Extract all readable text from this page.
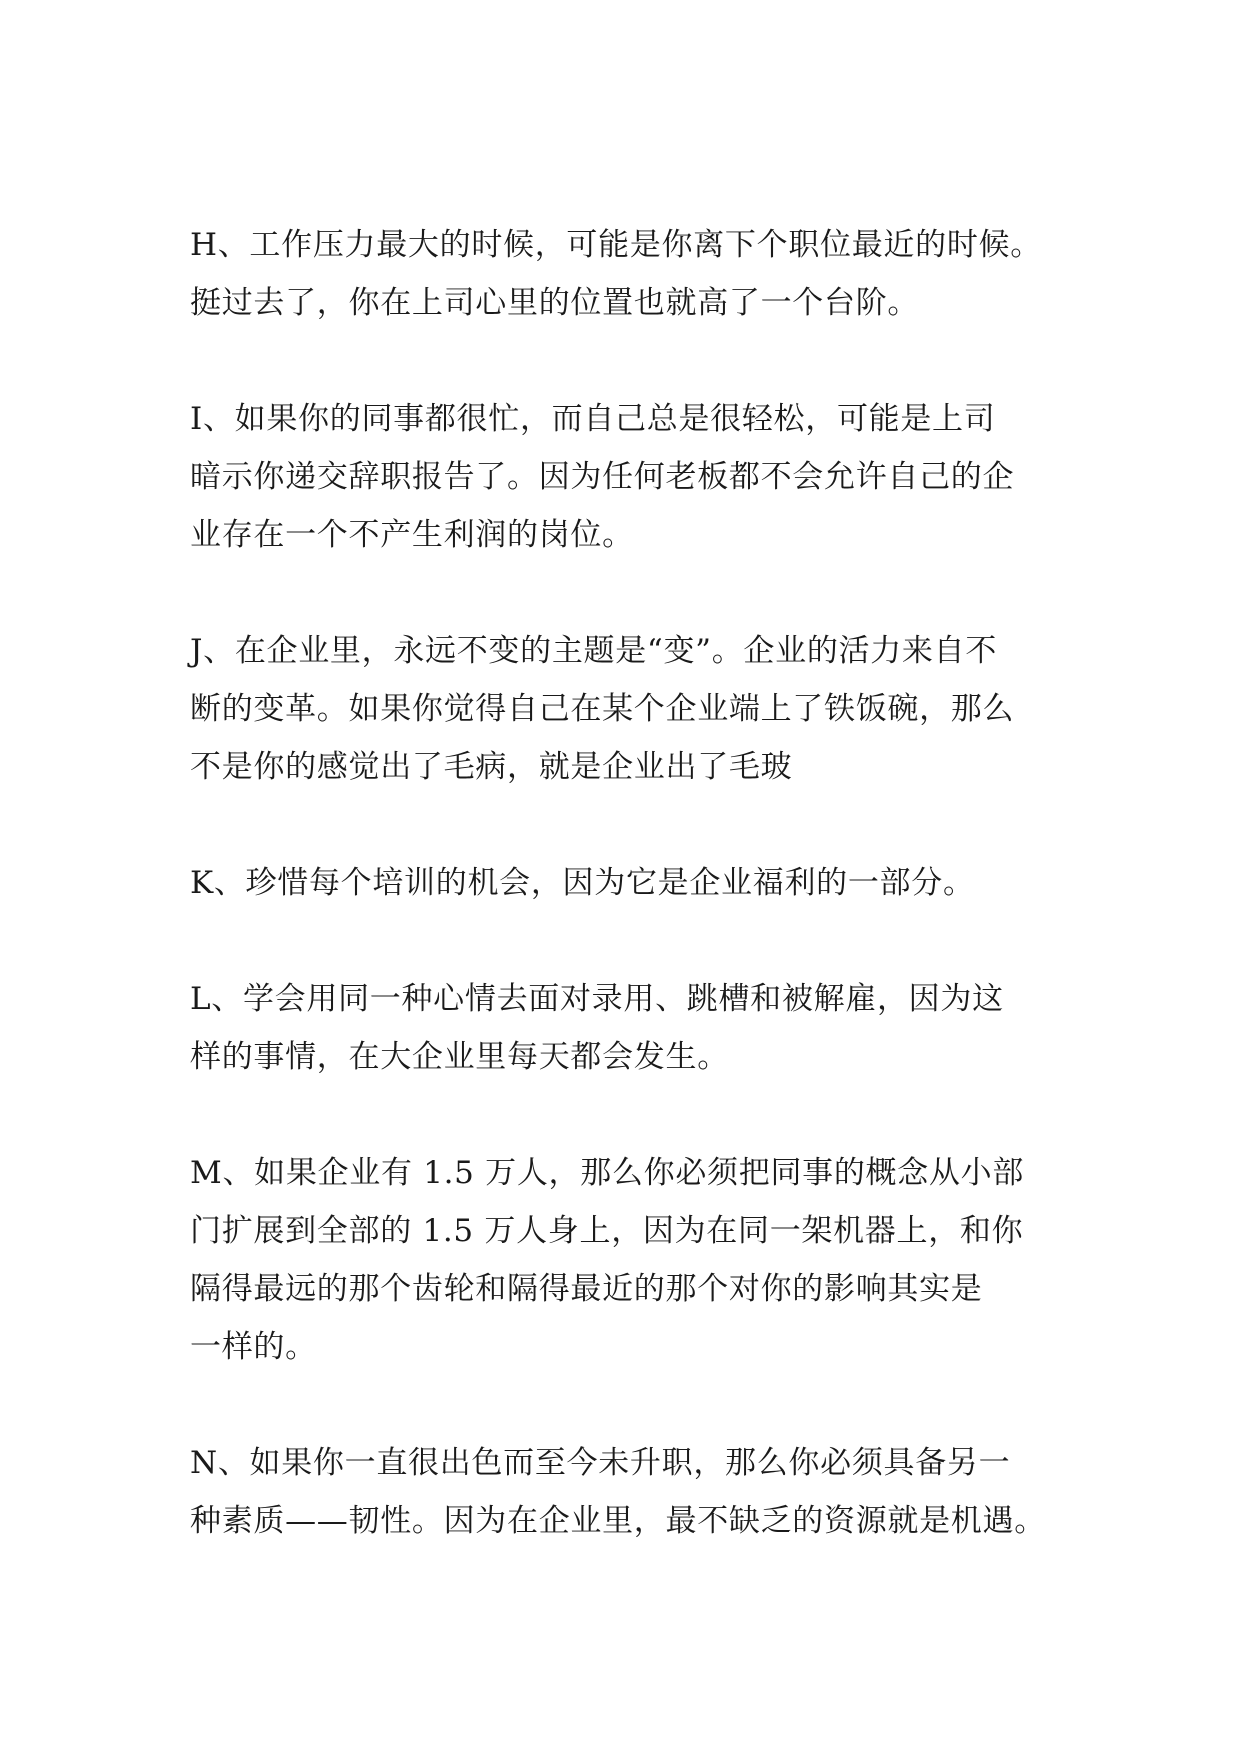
H、工作压力最大的时候，可能是你离下个职位最近的时候。
挺过去了，你在上司心里的位置也就高了一个台阶。

I、如果你的同事都很忙，而自己总是很轻松，可能是上司
暗示你递交辞职报告了。因为任何老板都不会允许自己的企
业存在一个不产生利润的岗位。

J、在企业里，永远不变的主题是“变”。企业的活力来自不
断的变革。如果你觉得自己在某个企业端上了铁饭碗，那么
不是你的感觉出了毛病，就是企业出了毛玻

K、珍惜每个培训的机会，因为它是企业福利的一部分。

L、学会用同一种心情去面对录用、跳槽和被解雇，因为这
样的事情，在大企业里每天都会发生。

M、如果企业有 1.5 万人，那么你必须把同事的概念从小部
门扩展到全部的 1.5 万人身上，因为在同一架机器上，和你
隔得最远的那个齿轮和隔得最近的那个对你的影响其实是
一样的。

N、如果你一直很出色而至今未升职，那么你必须具备另一
种素质——韧性。因为在企业里，最不缺乏的资源就是机遇。
